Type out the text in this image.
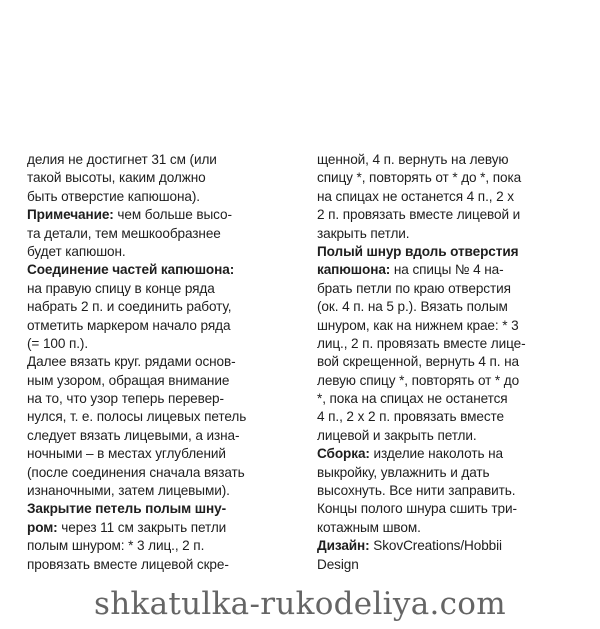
делия не достигнет 31 см (или
такой высоты, каким должно
быть отверстие капюшона).
Примечание: чем больше высо-
та детали, тем мешкообразнее
будет капюшон.
Соединение частей капюшона:
на правую спицу в конце ряда
набрать 2 п. и соединить работу,
отметить маркером начало ряда
(= 100 п.).
Далее вязать круг. рядами основ-
ным узором, обращая внимание
на то, что узор теперь перевер-
нулся, т. е. полосы лицевых петель
следует вязать лицевыми, а изна-
ночными – в местах углублений
(после соединения сначала вязать
изнаночными, затем лицевыми).
Закрытие петель полым шну-
ром: через 11 см закрыть петли
полым шнуром: * 3 лиц., 2 п.
провязать вместе лицевой скре-
щенной, 4 п. вернуть на левую
спицу *, повторять от * до *, пока
на спицах не останется 4 п., 2 х
2 п. провязать вместе лицевой и
закрыть петли.
Полый шнур вдоль отверстия
капюшона: на спицы № 4 на-
брать петли по краю отверстия
(ок. 4 п. на 5 р.). Вязать полым
шнуром, как на нижнем крае: * 3
лиц., 2 п. провязать вместе лице-
вой скрещенной, вернуть 4 п. на
левую спицу *, повторять от * до
*, пока на спицах не останется
4 п., 2 х 2 п. провязать вместе
лицевой и закрыть петли.
Сборка: изделие наколоть на
выкройку, увлажнить и дать
высохнуть. Все нити заправить.
Концы полого шнура сшить три-
котажным швом.
Дизайн: SkovCreations/Hobbii
Design
shkatulka-rukodeliya.com
